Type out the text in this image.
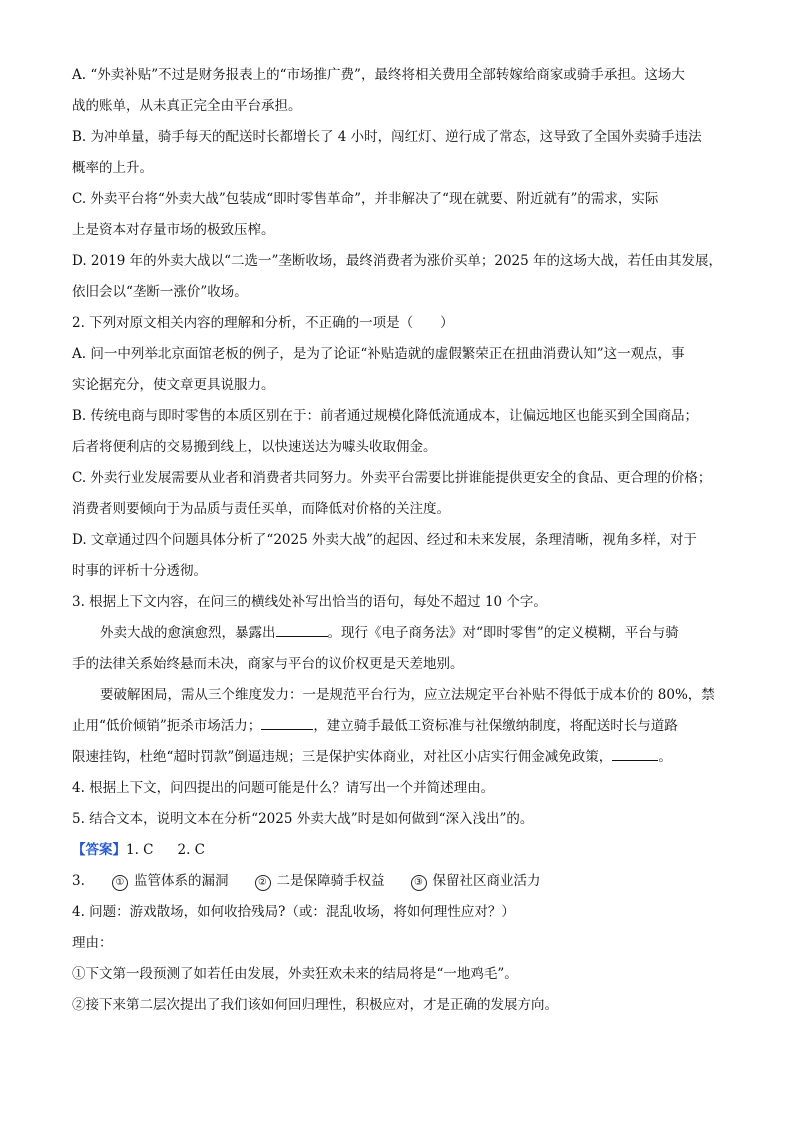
A. “外卖补贴”不过是财务报表上的“市场推广费”，最终将相关费用全部转嫁给商家或骑手承担。这场大
战的账单，从未真正完全由平台承担。
B. 为冲单量，骑手每天的配送时长都增长了 4 小时，闯红灯、逆行成了常态，这导致了全国外卖骑手违法
概率的上升。
C. 外卖平台将“外卖大战”包装成“即时零售革命”，并非解决了“现在就要、附近就有”的需求，实际
上是资本对存量市场的极致压榨。
D. 2019 年的外卖大战以“二选一”垄断收场，最终消费者为涨价买单；2025 年的这场大战，若任由其发展，
依旧会以“垄断一涨价”收场。
2. 下列对原文相关内容的理解和分析，不正确的一项是（　　）
A. 问一中列举北京面馆老板的例子，是为了论证“补贴造就的虚假繁荣正在扭曲消费认知”这一观点，事
实论据充分，使文章更具说服力。
B. 传统电商与即时零售的本质区别在于：前者通过规模化降低流通成本，让偏远地区也能买到全国商品；
后者将便利店的交易搬到线上，以快速送达为噱头收取佣金。
C. 外卖行业发展需要从业者和消费者共同努力。外卖平台需要比拼谁能提供更安全的食品、更合理的价格；
消费者则要倾向于为品质与责任买单，而降低对价格的关注度。
D. 文章通过四个问题具体分析了“2025 外卖大战”的起因、经过和未来发展，条理清晰，视角多样，对于
时事的评析十分透彻。
3. 根据上下文内容，在问三的横线处补写出恰当的语句，每处不超过 10 个字。
外卖大战的愈演愈烈，暴露出	。现行《电子商务法》对“即时零售”的定义模糊，平台与骑
手的法律关系始终悬而未决，商家与平台的议价权更是天差地别。
要破解困局，需从三个维度发力：一是规范平台行为，应立法规定平台补贴不得低于成本价的 80%，禁
止用“低价倾销”扼杀市场活力；	，建立骑手最低工资标准与社保缴纳制度，将配送时长与道路
限速挂钩，杜绝“超时罚款”倒逼违规；三是保护实体商业，对社区小店实行佣金减免政策，	。
4. 根据上下文，问四提出的问题可能是什么？请写出一个并简述理由。
5. 结合文本，说明文本在分析“2025 外卖大战”时是如何做到“深入浅出”的。
【答案】1. C 2. C
3.	① 监管体系的漏洞	② 二是保障骑手权益	③ 保留社区商业活力
4. 问题：游戏散场，如何收拾残局?（或：混乱收场，将如何理性应对？）
理由：
①下文第一段预测了如若任由发展，外卖狂欢未来的结局将是“一地鸡毛”。
②接下来第二层次提出了我们该如何回归理性，积极应对，才是正确的发展方向。
